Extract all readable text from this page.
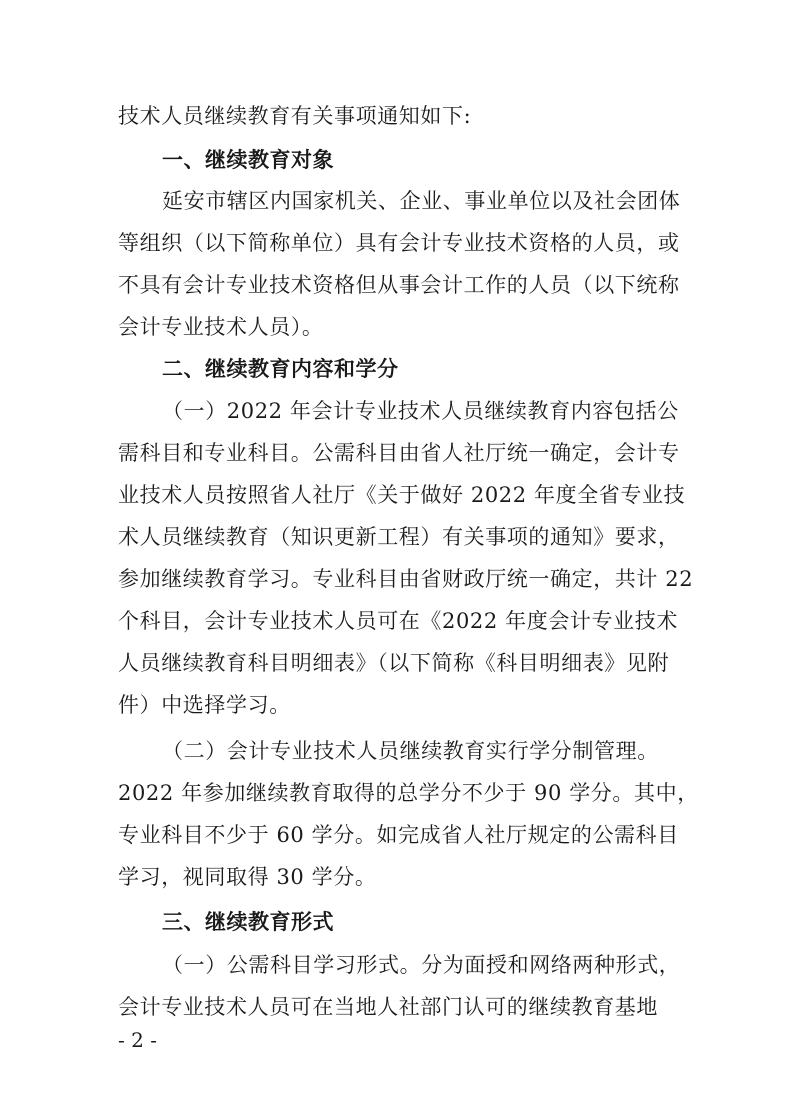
技术人员继续教育有关事项通知如下:
一、继续教育对象
延安市辖区内国家机关、企业、事业单位以及社会团体
等组织（以下简称单位）具有会计专业技术资格的人员，或
不具有会计专业技术资格但从事会计工作的人员（以下统称
会计专业技术人员）。
二、继续教育内容和学分
（一）2022 年会计专业技术人员继续教育内容包括公
需科目和专业科目。公需科目由省人社厅统一确定，会计专
业技术人员按照省人社厅《关于做好 2022 年度全省专业技
术人员继续教育（知识更新工程）有关事项的通知》要求，
参加继续教育学习。专业科目由省财政厅统一确定，共计 22
个科目，会计专业技术人员可在《2022 年度会计专业技术
人员继续教育科目明细表》（以下简称《科目明细表》见附
件）中选择学习。
（二）会计专业技术人员继续教育实行学分制管理。
2022 年参加继续教育取得的总学分不少于 90 学分。其中，
专业科目不少于 60 学分。如完成省人社厅规定的公需科目
学习，视同取得 30 学分。
三、继续教育形式
（一）公需科目学习形式。分为面授和网络两种形式，
会计专业技术人员可在当地人社部门认可的继续教育基地
- 2 -
